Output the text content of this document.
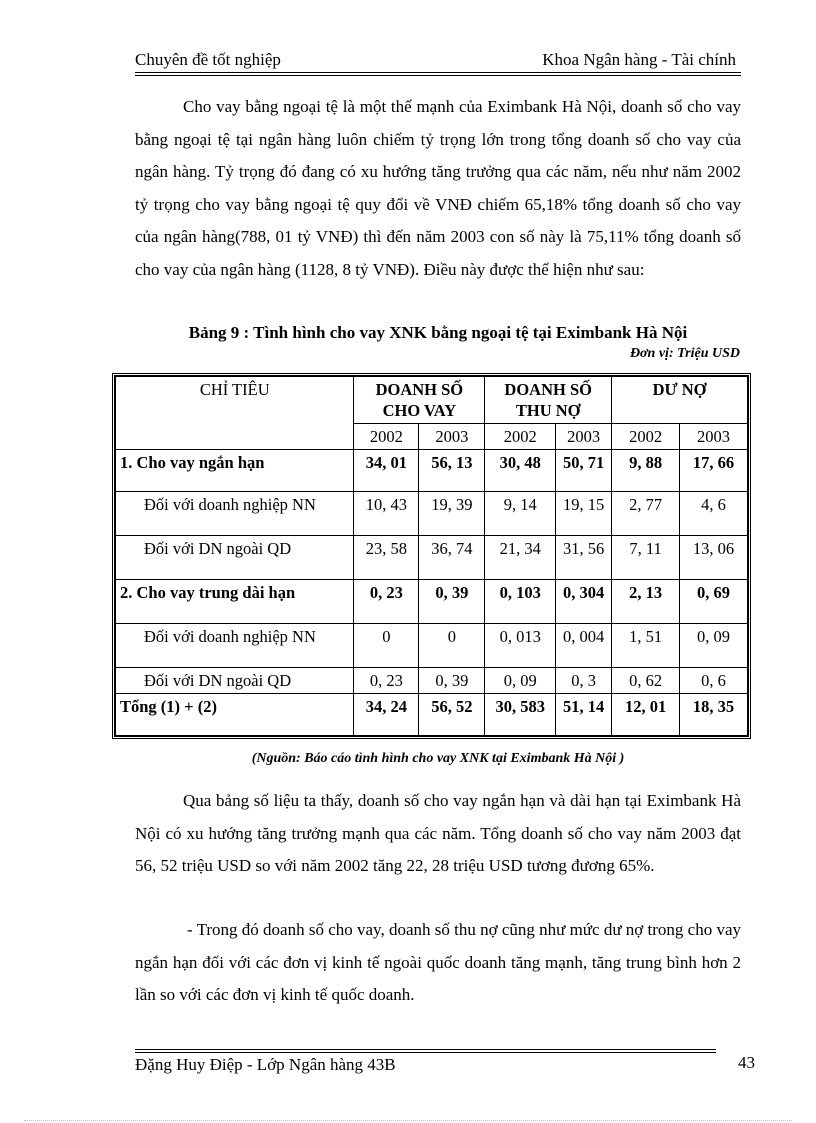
Chuyên đề tốt nghiệp	Khoa Ngân hàng - Tài chính
Cho vay bằng ngoại tệ là một thế mạnh của Eximbank Hà Nội, doanh số cho vay bằng ngoại tệ tại ngân hàng luôn chiếm tỷ trọng lớn trong tổng doanh số cho vay của ngân hàng. Tỷ trọng đó đang có xu hướng tăng trưởng qua các năm, nếu như năm 2002 tỷ trọng cho vay bằng ngoại tệ quy đổi về VNĐ chiếm 65,18% tổng doanh số cho vay của ngân hàng(788, 01 tỷ VNĐ) thì đến năm 2003 con số này là 75,11% tổng doanh số cho vay của ngân hàng (1128, 8 tỷ VNĐ). Điều này được thể hiện như sau:
Bảng 9 : Tình hình cho vay XNK bằng ngoại tệ tại Eximbank Hà Nội
Đơn vị: Triệu USD
CHỈ TIÊU	DOANH SỐ CHO VAY		DOANH SỐ THU NỢ		DƯ NỢ	
	2002	2003	2002	2003	2002	2003
1. Cho vay ngắn hạn	34, 01	56, 13	30, 48	50, 71	9, 88	17, 66
Đối với doanh nghiệp NN	10, 43	19, 39	9, 14	19, 15	2, 77	4, 6
Đối với DN ngoài QD	23, 58	36, 74	21, 34	31, 56	7, 11	13, 06
2. Cho vay trung dài hạn	0, 23	0, 39	0, 103	0, 304	2, 13	0, 69
Đối với doanh nghiệp NN	0	0	0, 013	0, 004	1, 51	0, 09
Đối với DN ngoài QD	0, 23	0, 39	0, 09	0, 3	0, 62	0, 6
Tổng (1) + (2)	34, 24	56, 52	30, 583	51, 14	12, 01	18, 35
(Nguồn: Báo cáo tình hình cho vay XNK tại Eximbank Hà Nội )
Qua bảng số liệu ta thấy, doanh số cho vay ngắn hạn và dài hạn tại Eximbank Hà Nội có xu hướng tăng trưởng mạnh qua các năm. Tổng doanh số cho vay năm 2003 đạt 56, 52 triệu USD so với năm 2002 tăng 22, 28 triệu USD tương đương 65%.
- Trong đó doanh số cho vay, doanh số thu nợ cũng như mức dư nợ trong cho vay ngắn hạn đối với các đơn vị kinh tế ngoài quốc doanh tăng mạnh, tăng trung bình hơn 2 lần so với các đơn vị kinh tế quốc doanh.
Đặng Huy Điệp - Lớp Ngân hàng 43B	43
